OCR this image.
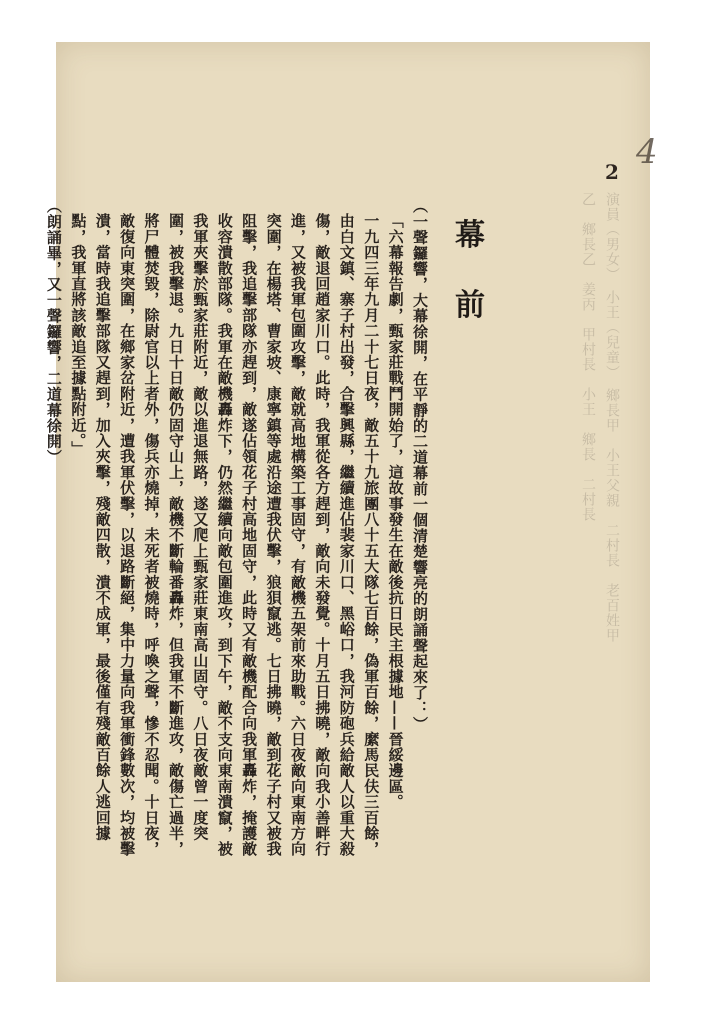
4
2
演員（男女）　小王（兒童）　鄉長甲　小王父親　二村長　老百姓甲乙　鄉長乙　姜丙　甲村長　小王　鄉長　二村長
幕
前

（一聲鑼響，大幕徐開，在平靜的二道幕前一個清楚響亮的朗誦聲起來了：）

「六幕報告劇，甄家莊戰鬥開始了，這故事發生在敵後抗日民主根據地——晉綏邊區。

一九四三年九月二十七日夜，敵五十九旅團八十五大隊七百餘，偽軍百餘，縻馬民伕三百餘，由白文鎮、寨子村出發，合擊興縣，繼續進佔裴家川口、黑峪口，我河防砲兵給敵人以重大殺傷，敵退回趙家川口。此時，我軍從各方趕到，敵向未發覺。十月五日拂曉，敵向我小善畔行進，又被我軍包圍攻擊，敵就高地構築工事固守，有敵機五架前來助戰。六日夜敵向東南方向突圍，在楊塔、曹家坡、康寧鎮等處沿途遭我伏擊，狼狽竄逃。七日拂曉，敵到花子村又被我阻擊，我追擊部隊亦趕到，敵遂佔領花子村高地固守，此時又有敵機配合向我軍轟炸，掩護敵收容潰散部隊。我軍在敵機轟炸下，仍然繼續向敵包圍進攻，到下午，敵不支向東南潰竄，被我軍夾擊於甄家莊附近，敵以進退無路，遂又爬上甄家莊東南高山固守。八日夜敵曾一度突圍，被我擊退。九日十日敵仍固守山上，敵機不斷輪番轟炸，但我軍不斷進攻，敵傷亡過半，將尸體焚毀，除尉官以上者外，傷兵亦燒掉，未死者被燒時，呼喚之聲，慘不忍聞。十日夜，敵復向東突圍，在鄉家岔附近，遭我軍伏擊，以退路斷絕，集中力量向我軍衝鋒數次，均被擊潰，當時我追擊部隊又趕到，加入夾擊，殘敵四散，潰不成軍，最後僅有殘敵百餘人逃回據點，我軍直將該敵追至據點附近。」

（朗誦畢，又一聲鑼響，二道幕徐開）
